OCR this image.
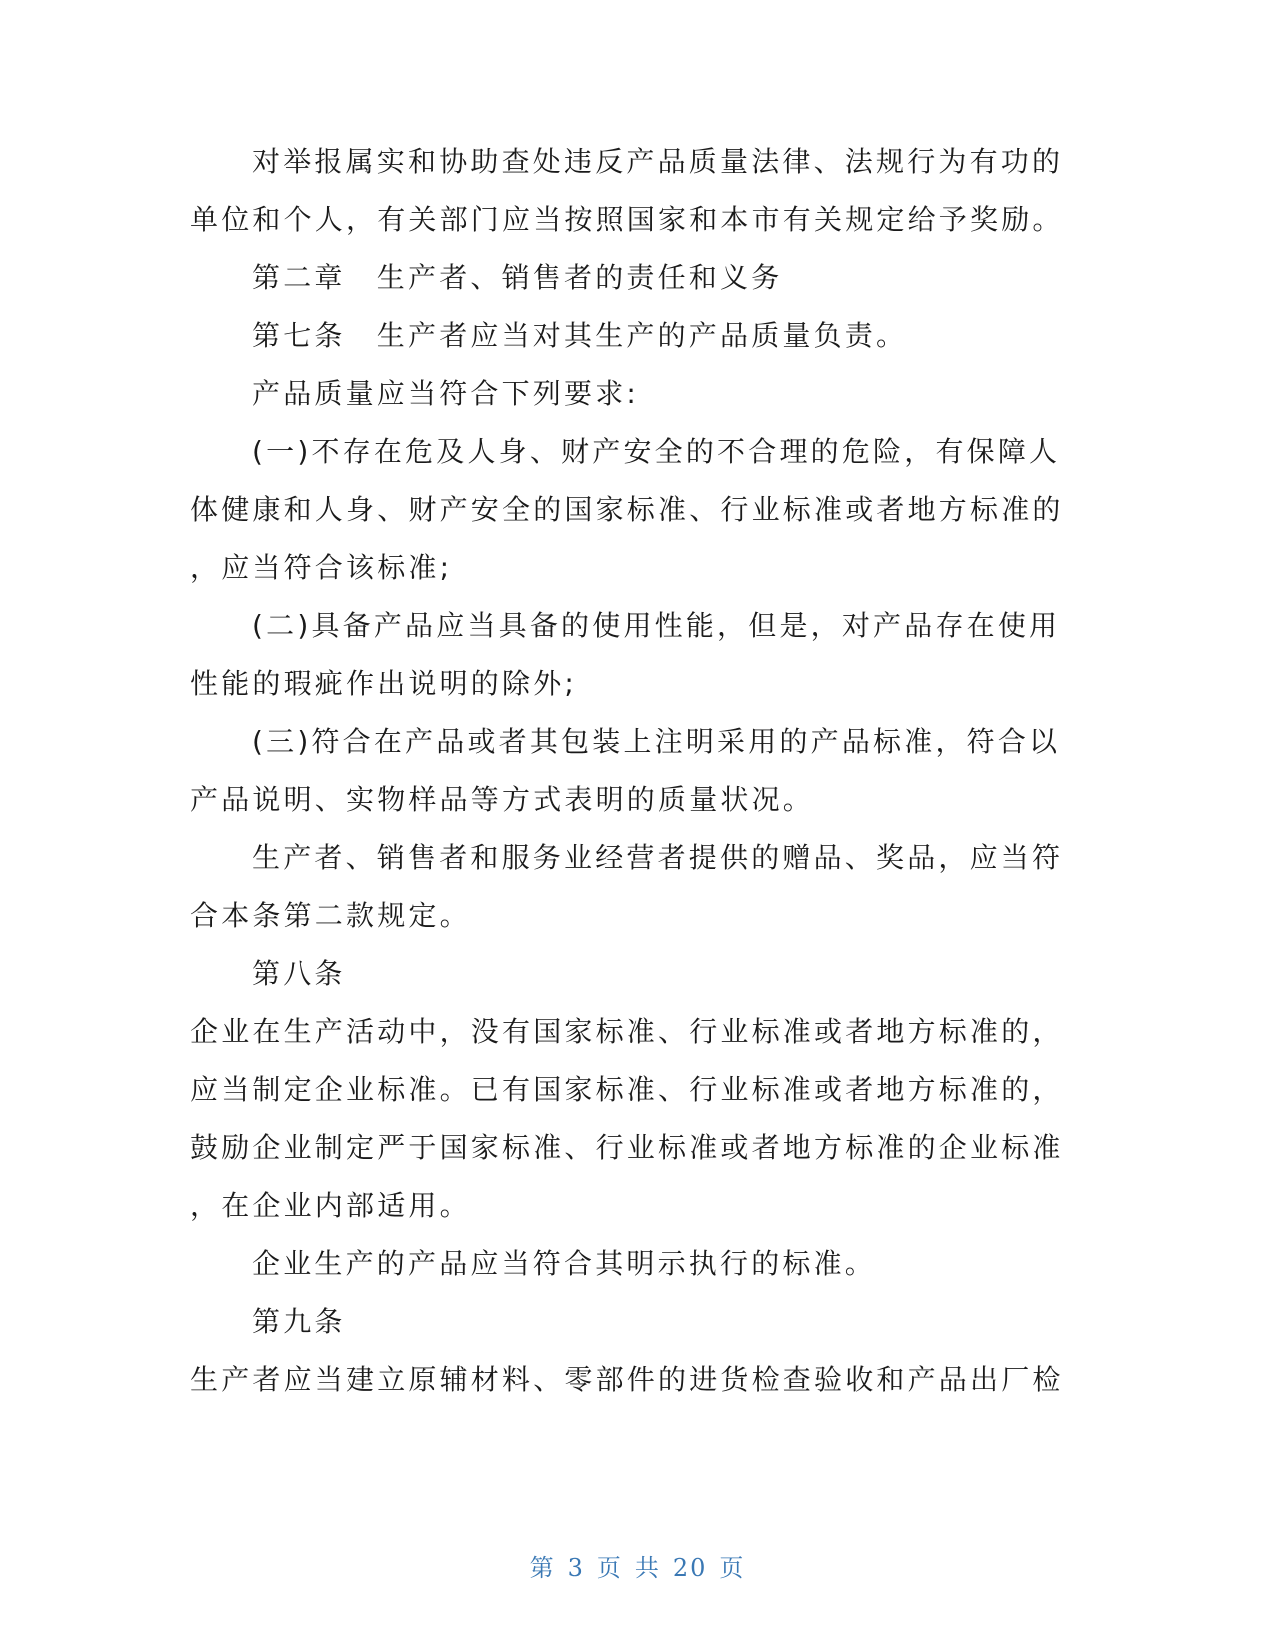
对举报属实和协助查处违反产品质量法律、法规行为有功的
单位和个人，有关部门应当按照国家和本市有关规定给予奖励。
第二章　生产者、销售者的责任和义务
第七条　生产者应当对其生产的产品质量负责。
产品质量应当符合下列要求:
(一)不存在危及人身、财产安全的不合理的危险，有保障人
体健康和人身、财产安全的国家标准、行业标准或者地方标准的
，应当符合该标准;
(二)具备产品应当具备的使用性能，但是，对产品存在使用
性能的瑕疵作出说明的除外;
(三)符合在产品或者其包装上注明采用的产品标准，符合以
产品说明、实物样品等方式表明的质量状况。
生产者、销售者和服务业经营者提供的赠品、奖品，应当符
合本条第二款规定。
第八条
企业在生产活动中，没有国家标准、行业标准或者地方标准的，
应当制定企业标准。已有国家标准、行业标准或者地方标准的，
鼓励企业制定严于国家标准、行业标准或者地方标准的企业标准
，在企业内部适用。
企业生产的产品应当符合其明示执行的标准。
第九条
生产者应当建立原辅材料、零部件的进货检查验收和产品出厂检
第 3 页 共 20 页
